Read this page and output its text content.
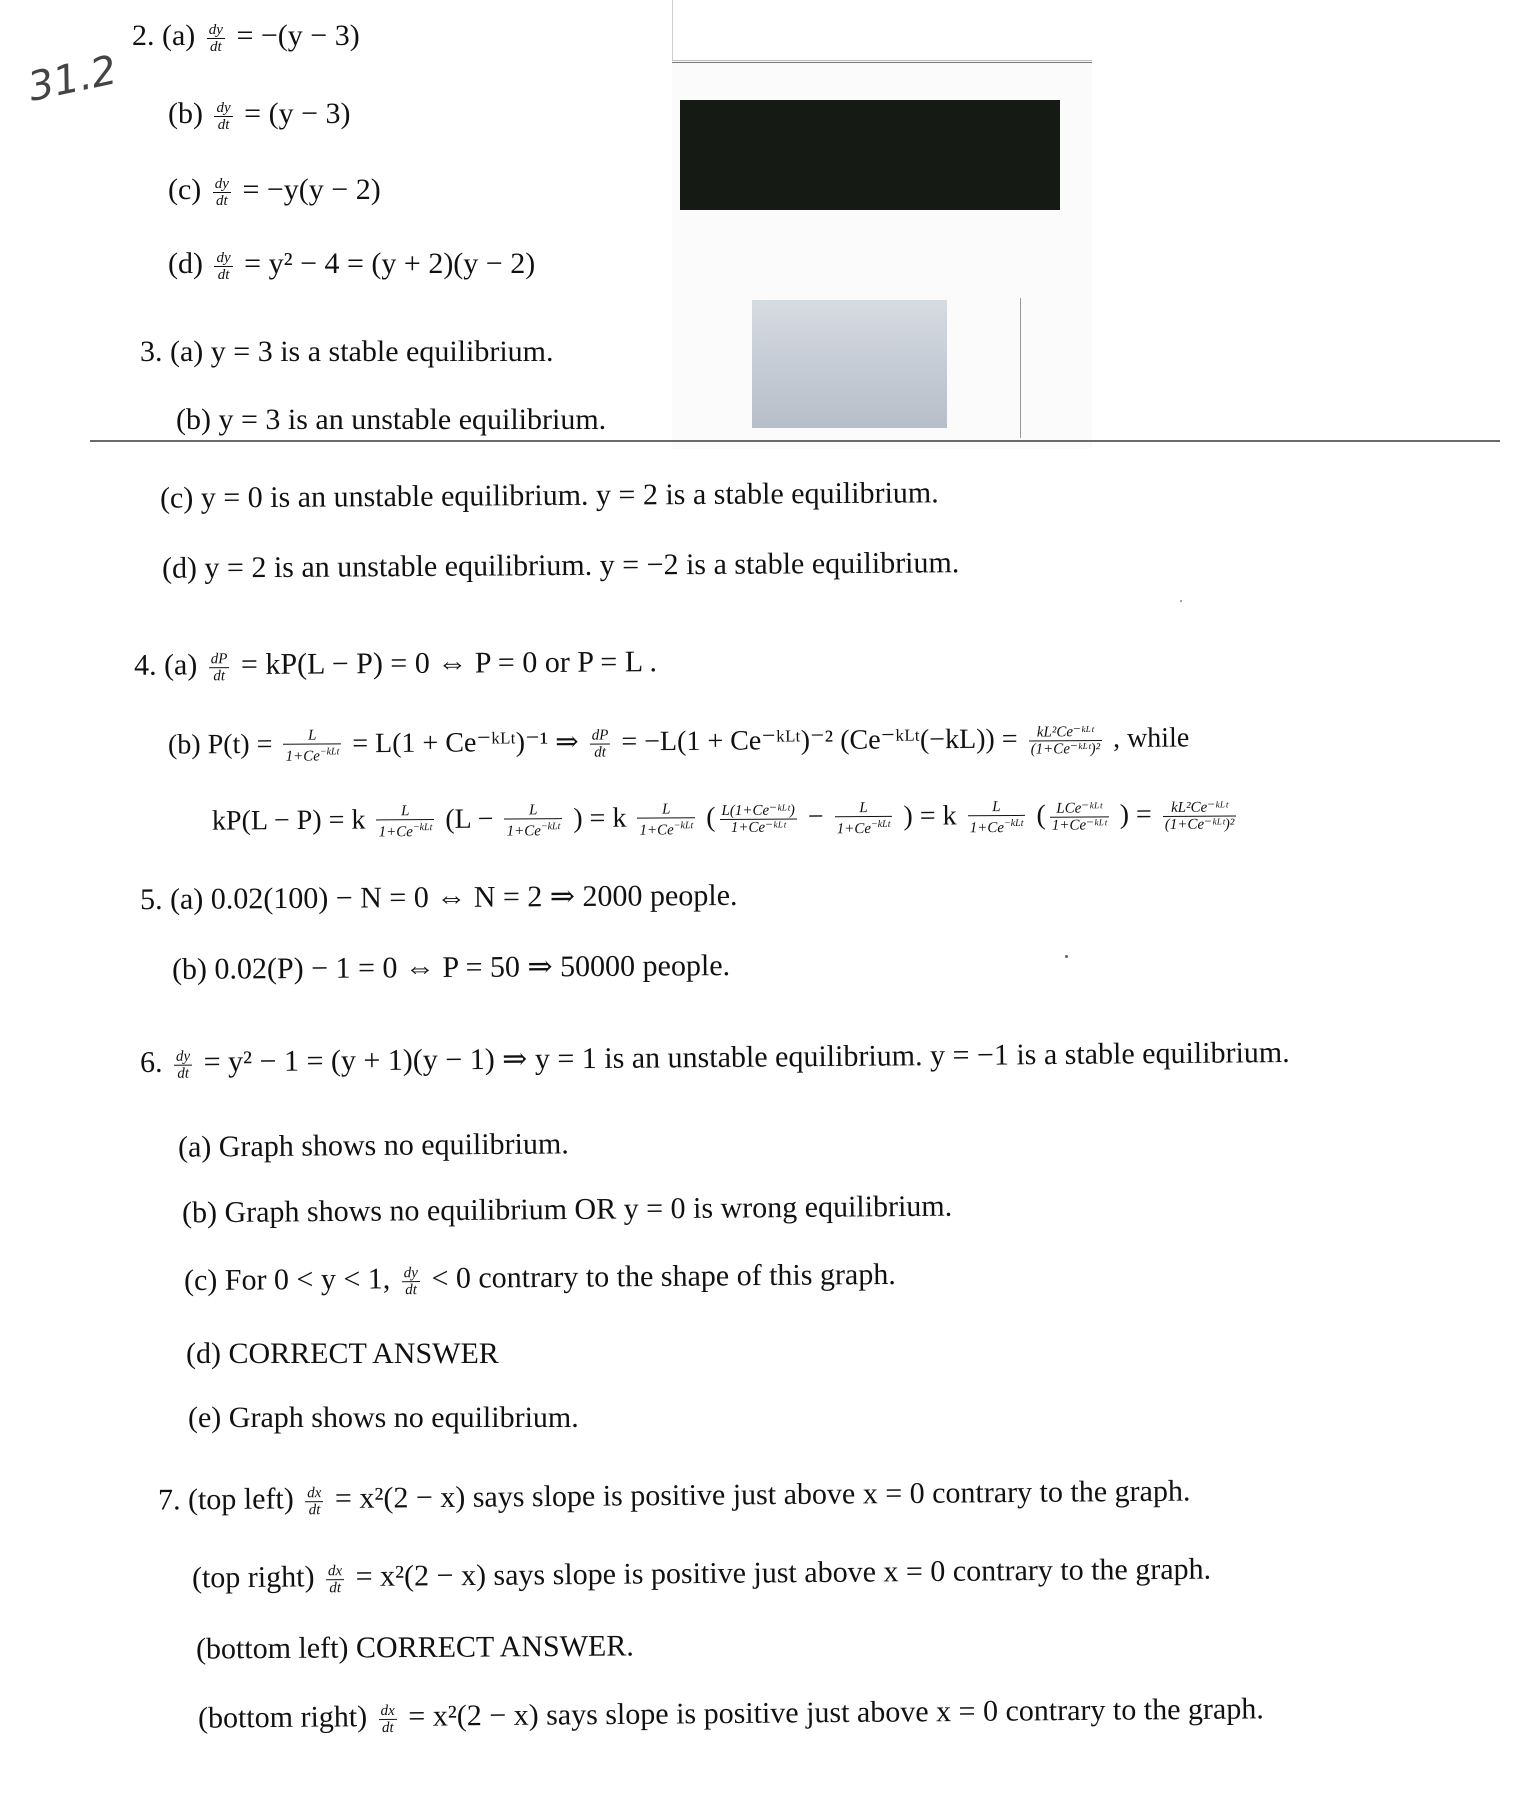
31.2
2. $(a) \frac{dy}{dt} = -(y - 3)$
$(b) \frac{dy}{dt} = (y - 3)$
$(c) \frac{dy}{dt} = -y(y - 2)$
$(d) \frac{dy}{dt} = y^2 - 4 = (y + 2)(y - 2)$
3. (a) y = 3 is a stable equilibrium.
(b) y = 3 is an unstable equilibrium.
(c) y = 0 is an unstable equilibrium. y = 2 is a stable equilibrium.
(d) y = 2 is an unstable equilibrium. y = −2 is a stable equilibrium.
4. $(a) \frac{dP}{dt} = kP(L - P) = 0$ ⇔ P = 0 or P = L .
(b) $P(t) = \frac{L}{1+Ce^{-kLt}} = L(1$ + Ce⁻ᵏᴸᵗ)⁻¹ ⇒ $\frac{dP}{dt} = -L(1$ + Ce⁻ᵏᴸᵗ)⁻² (Ce⁻ᵏᴸᵗ(−kL)) = $\frac{\text{kL²Ce⁻ᵏᴸᵗ}}{\text{(1+Ce⁻ᵏᴸᵗ)²}}$ , while
kP(L − P) = k $\frac{L}{1+Ce^{-kLt}} (L - \frac{L}{1+Ce^{-kLt}}$ ) = k $\frac{L}{1+Ce^{-kLt}}$ ( $\frac{\text{L(1+Ce⁻ᵏᴸᵗ)}}{\text{1+Ce⁻ᵏᴸᵗ}} - \frac{L}{1+Ce^{-kLt}}$ ) = k $\frac{L}{1+Ce^{-kLt}}$ ( $\frac{\text{LCe⁻ᵏᴸᵗ}}{\text{1+Ce⁻ᵏᴸᵗ}}$ ) = $\frac{\text{kL²Ce⁻ᵏᴸᵗ}}{\text{(1+Ce⁻ᵏᴸᵗ)²}}$
5. (a) 0.02(100) − N = 0 ⇔ N = 2 ⇒ 2000 people.
(b) 0.02(P) − 1 = 0 ⇔ P = 50 ⇒ 50000 people.
6. $\frac{dy}{dt} = y^2 - 1 = (y + 1)(y - 1)$ ⇒ y = 1 is an unstable equilibrium. y = −1 is a stable equilibrium.
(a) Graph shows no equilibrium.
(b) Graph shows no equilibrium OR y = 0 is wrong equilibrium.
(c) For 0 < y < 1, $\frac{dy}{dt} < 0$ contrary to the shape of this graph.
(d) CORRECT ANSWER
(e) Graph shows no equilibrium.
7. (top left) $\frac{dx}{dt} = x^2(2 - x)$ says slope is positive just above x = 0 contrary to the graph.
(top right) $\frac{dx}{dt} = x^2(2 - x)$ says slope is positive just above x = 0 contrary to the graph.
(bottom left) CORRECT ANSWER.
(bottom right) $\frac{dx}{dt} = x^2(2 - x)$ says slope is positive just above x = 0 contrary to the graph.
